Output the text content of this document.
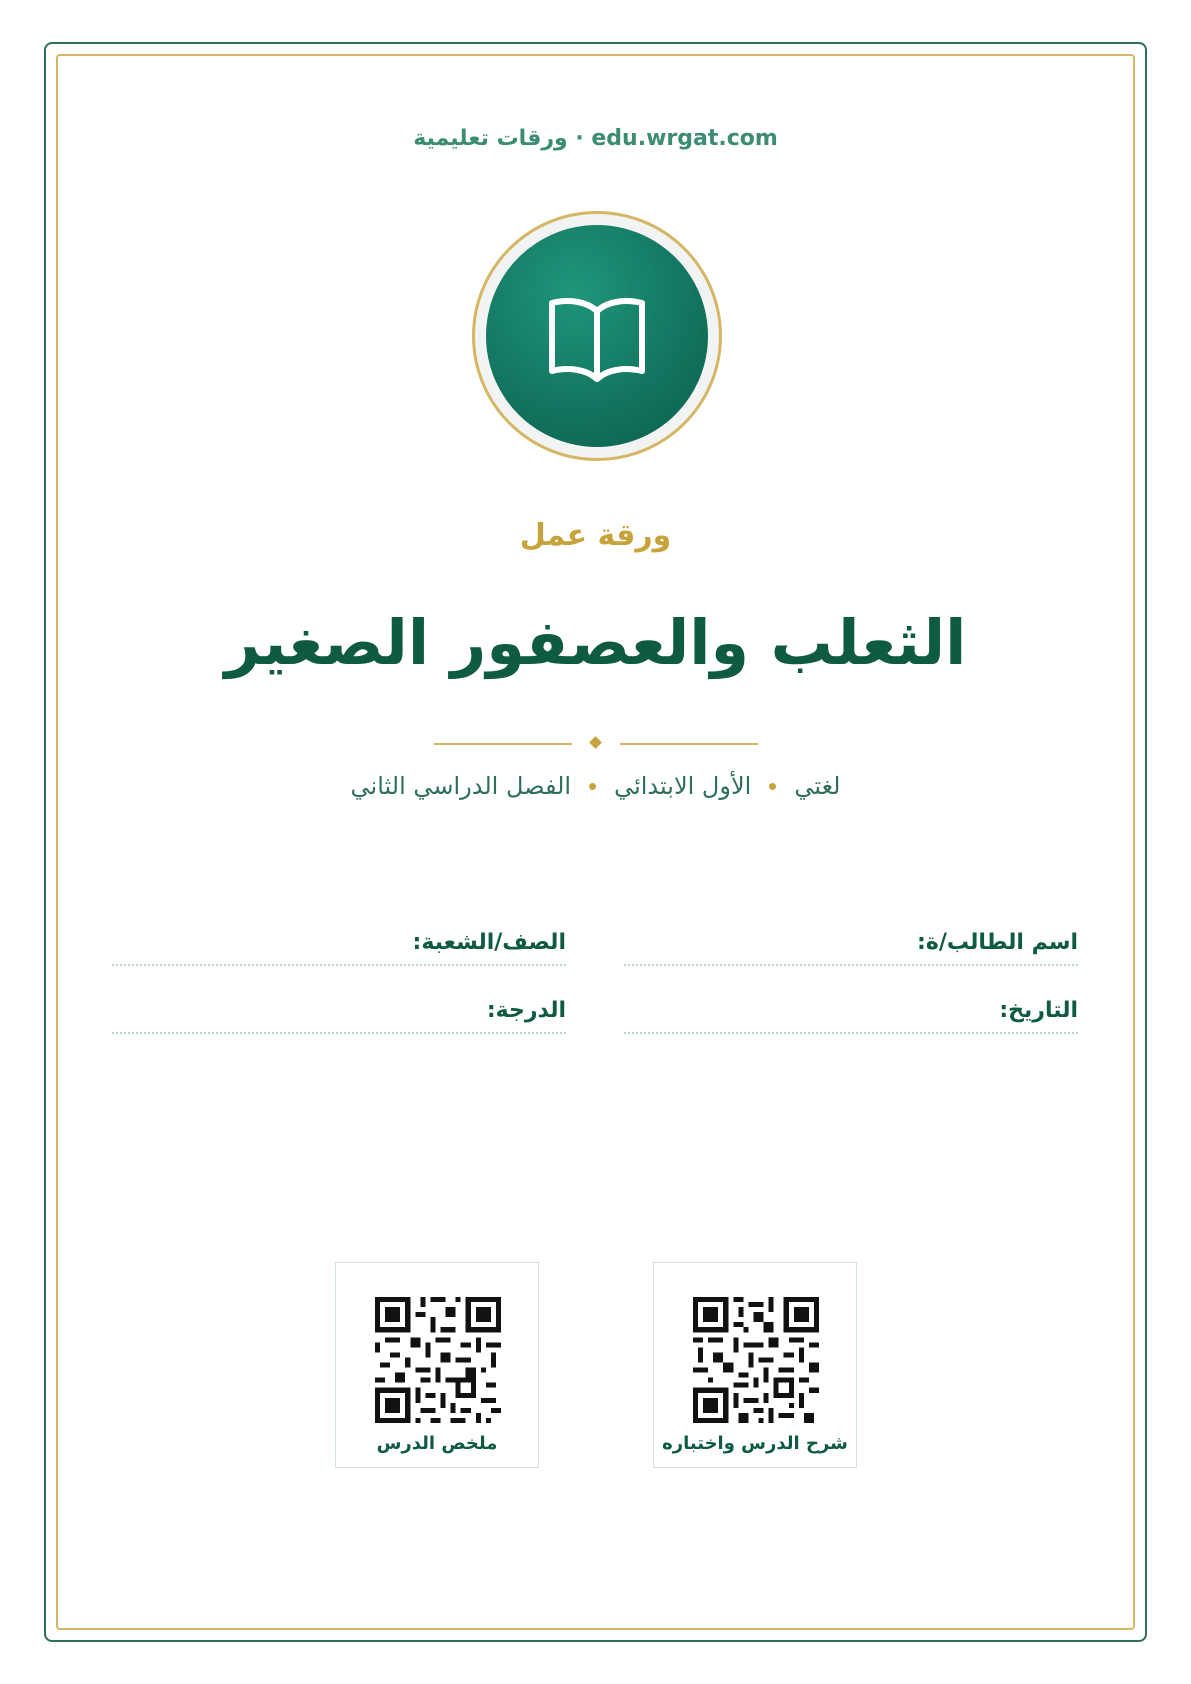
edu.wrgat.com · ورقات تعليمية
ورقة عمل
الثعلب والعصفور الصغير
لغتي
الأول الابتدائي
الفصل الدراسي الثاني
اسم الطالب/ة:
الصف/الشعبة:
التاريخ:
الدرجة:
شرح الدرس واختباره
ملخص الدرس
